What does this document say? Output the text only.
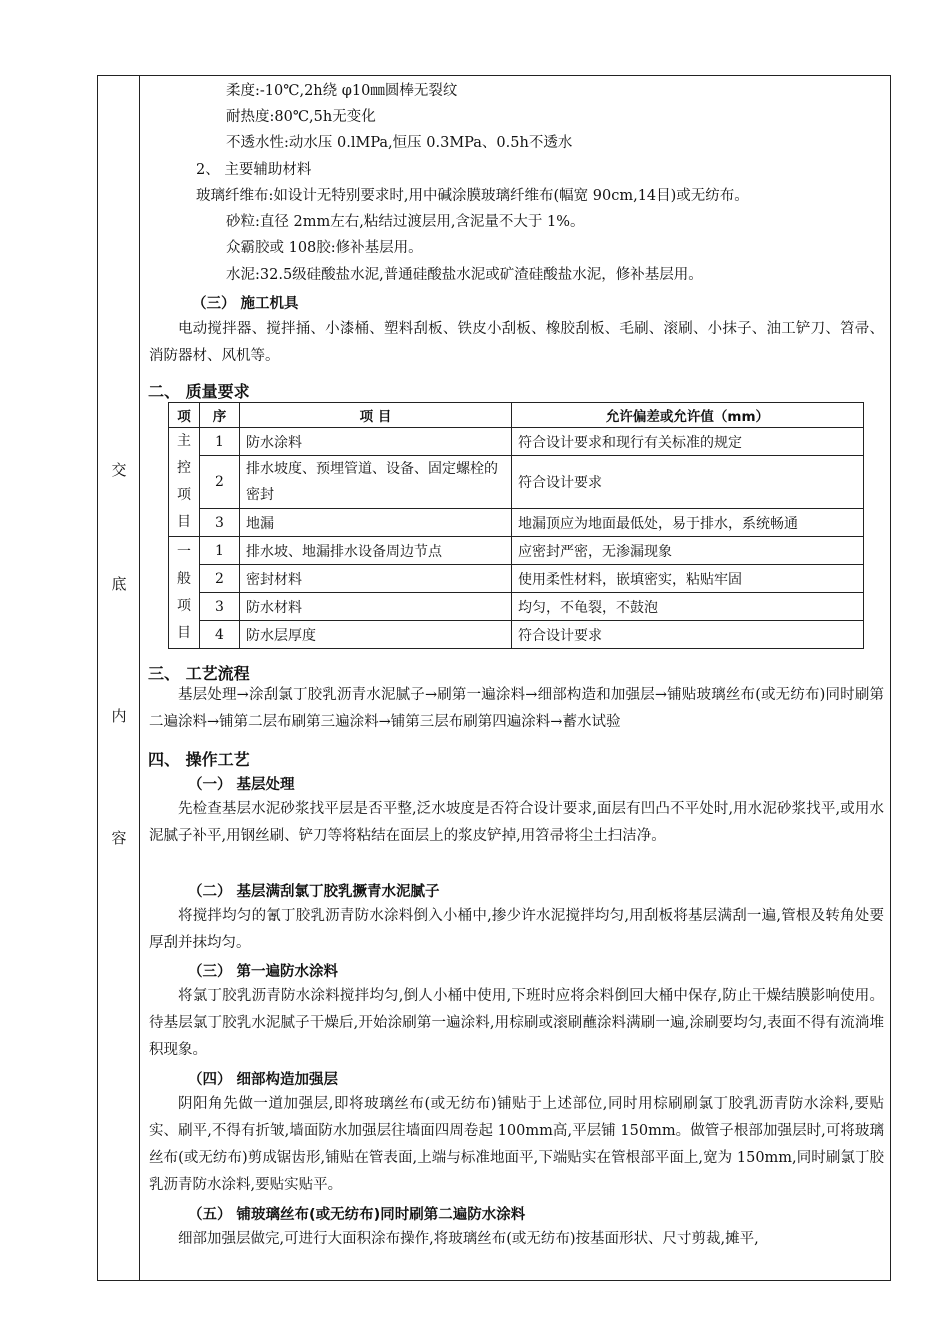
交
底
内
容
柔度:-10℃,2h绕 φ10㎜圆棒无裂纹
耐热度:80℃,5h无变化
不透水性:动水压 0.lMPa,恒压 0.3MPa、0.5h不透水
2、 主要辅助材料
玻璃纤维布:如设计无特别要求时,用中碱涂膜玻璃纤维布(幅宽 90cm,14目)或无纺布。
砂粒:直径 2mm左右,粘结过渡层用,含泥量不大于 1%。
众霸胶或 108胶:修补基层用。
水泥:32.5级硅酸盐水泥,普通硅酸盐水泥或矿渣硅酸盐水泥，修补基层用。
（三） 施工机具
电动搅拌器、搅拌捅、小漆桶、塑料刮板、铁皮小刮板、橡胶刮板、毛刷、滚刷、小抹子、油工铲刀、笤帚、消防器材、风机等。
二、 质量要求
项	序	项 目	允许偏差或允许值（mm）

主控项目	1	防水涂料	符合设计要求和现行有关标准的规定
	2	排水坡度、预埋管道、设备、固定螺栓的密封	符合设计要求
	3	地漏	地漏顶应为地面最低处，易于排水，系统畅通

一般项目	1	排水坡、地漏排水设备周边节点	应密封严密，无渗漏现象
	2	密封材料	使用柔性材料，嵌填密实，粘贴牢固
	3	防水材料	均匀，不龟裂，不鼓泡
	4	防水层厚度	符合设计要求
三、 工艺流程
基层处理→涂刮氯丁胶乳沥青水泥腻子→刷第一遍涂料→细部构造和加强层→铺贴玻璃丝布(或无纺布)同时刷第二遍涂料→铺第二层布刷第三遍涂料→铺第三层布刷第四遍涂料→蓄水试验
四、 操作工艺
（一） 基层处理
先检查基层水泥砂浆找平层是否平整,泛水坡度是否符合设计要求,面层有凹凸不平处时,用水泥砂浆找平,或用水泥腻子补平,用钢丝刷、铲刀等将粘结在面层上的浆皮铲掉,用笤帚将尘土扫洁净。
（二） 基层满刮氯丁胶乳撅青水泥腻子
将搅拌均匀的氰丁胶乳沥青防水涂料倒入小桶中,掺少许水泥搅拌均匀,用刮板将基层满刮一遍,管根及转角处要厚刮并抹均匀。
（三） 第一遍防水涂料
将氯丁胶乳沥青防水涂料搅拌均匀,倒人小桶中使用,下班时应将余料倒回大桶中保存,防止干燥结膜影响使用。待基层氯丁胶乳水泥腻子干燥后,开始涂刷第一遍涂料,用棕刷或滚刷蘸涂料满刷一遍,涂刷要均匀,表面不得有流淌堆积现象。
（四） 细部构造加强层
阴阳角先做一道加强层,即将玻璃丝布(或无纺布)铺贴于上述部位,同时用棕刷刷氯丁胶乳沥青防水涂料,要贴实、刷平,不得有折皱,墙面防水加强层往墙面四周卷起 100mm高,平层铺 150mm。做管子根部加强层时,可将玻璃丝布(或无纺布)剪成锯齿形,铺贴在管表面,上端与标准地面平,下端贴实在管根部平面上,宽为 150mm,同时刷氯丁胶乳沥青防水涂料,要贴实贴平。
（五） 铺玻璃丝布(或无纺布)同时刷第二遍防水涂料
细部加强层做完,可进行大面积涂布操作,将玻璃丝布(或无纺布)按基面形状、尺寸剪裁,摊平,
